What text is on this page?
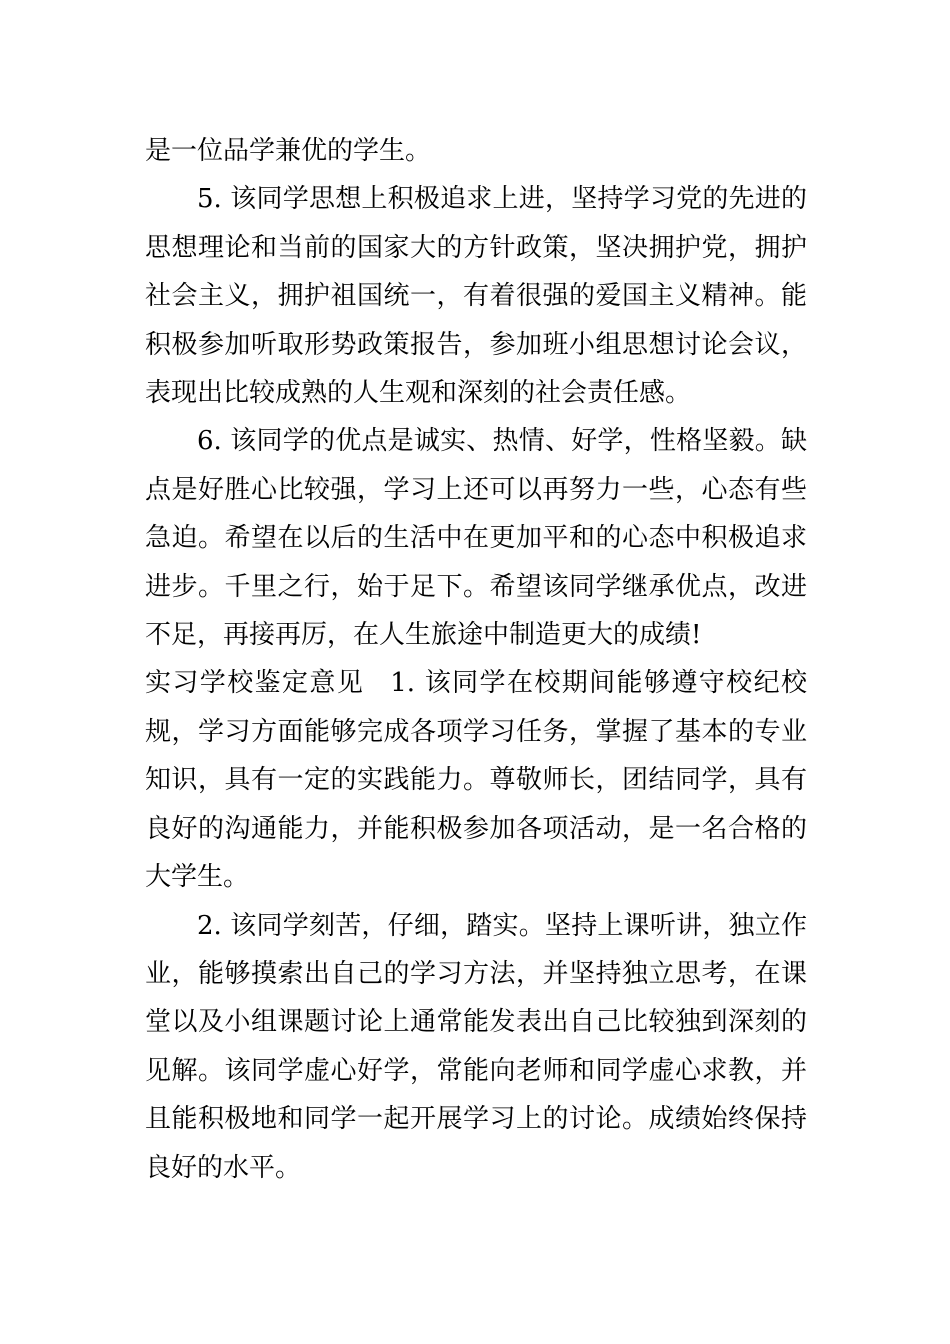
是一位品学兼优的学生。

5. 该同学思想上积极追求上进，坚持学习党的先进的思想理论和当前的国家大的方针政策，坚决拥护党，拥护社会主义，拥护祖国统一，有着很强的爱国主义精神。能积极参加听取形势政策报告，参加班小组思想讨论会议，表现出比较成熟的人生观和深刻的社会责任感。

6. 该同学的优点是诚实、热情、好学，性格坚毅。缺点是好胜心比较强，学习上还可以再努力一些，心态有些急迫。希望在以后的生活中在更加平和的心态中积极追求进步。千里之行，始于足下。希望该同学继承优点，改进不足，再接再厉，在人生旅途中制造更大的成绩!

实习学校鉴定意见 1. 该同学在校期间能够遵守校纪校规，学习方面能够完成各项学习任务，掌握了基本的专业知识，具有一定的实践能力。尊敬师长，团结同学，具有良好的沟通能力，并能积极参加各项活动，是一名合格的大学生。

2. 该同学刻苦，仔细，踏实。坚持上课听讲，独立作业，能够摸索出自己的学习方法，并坚持独立思考，在课堂以及小组课题讨论上通常能发表出自己比较独到深刻的见解。该同学虚心好学，常能向老师和同学虚心求教，并且能积极地和同学一起开展学习上的讨论。成绩始终保持良好的水平。
